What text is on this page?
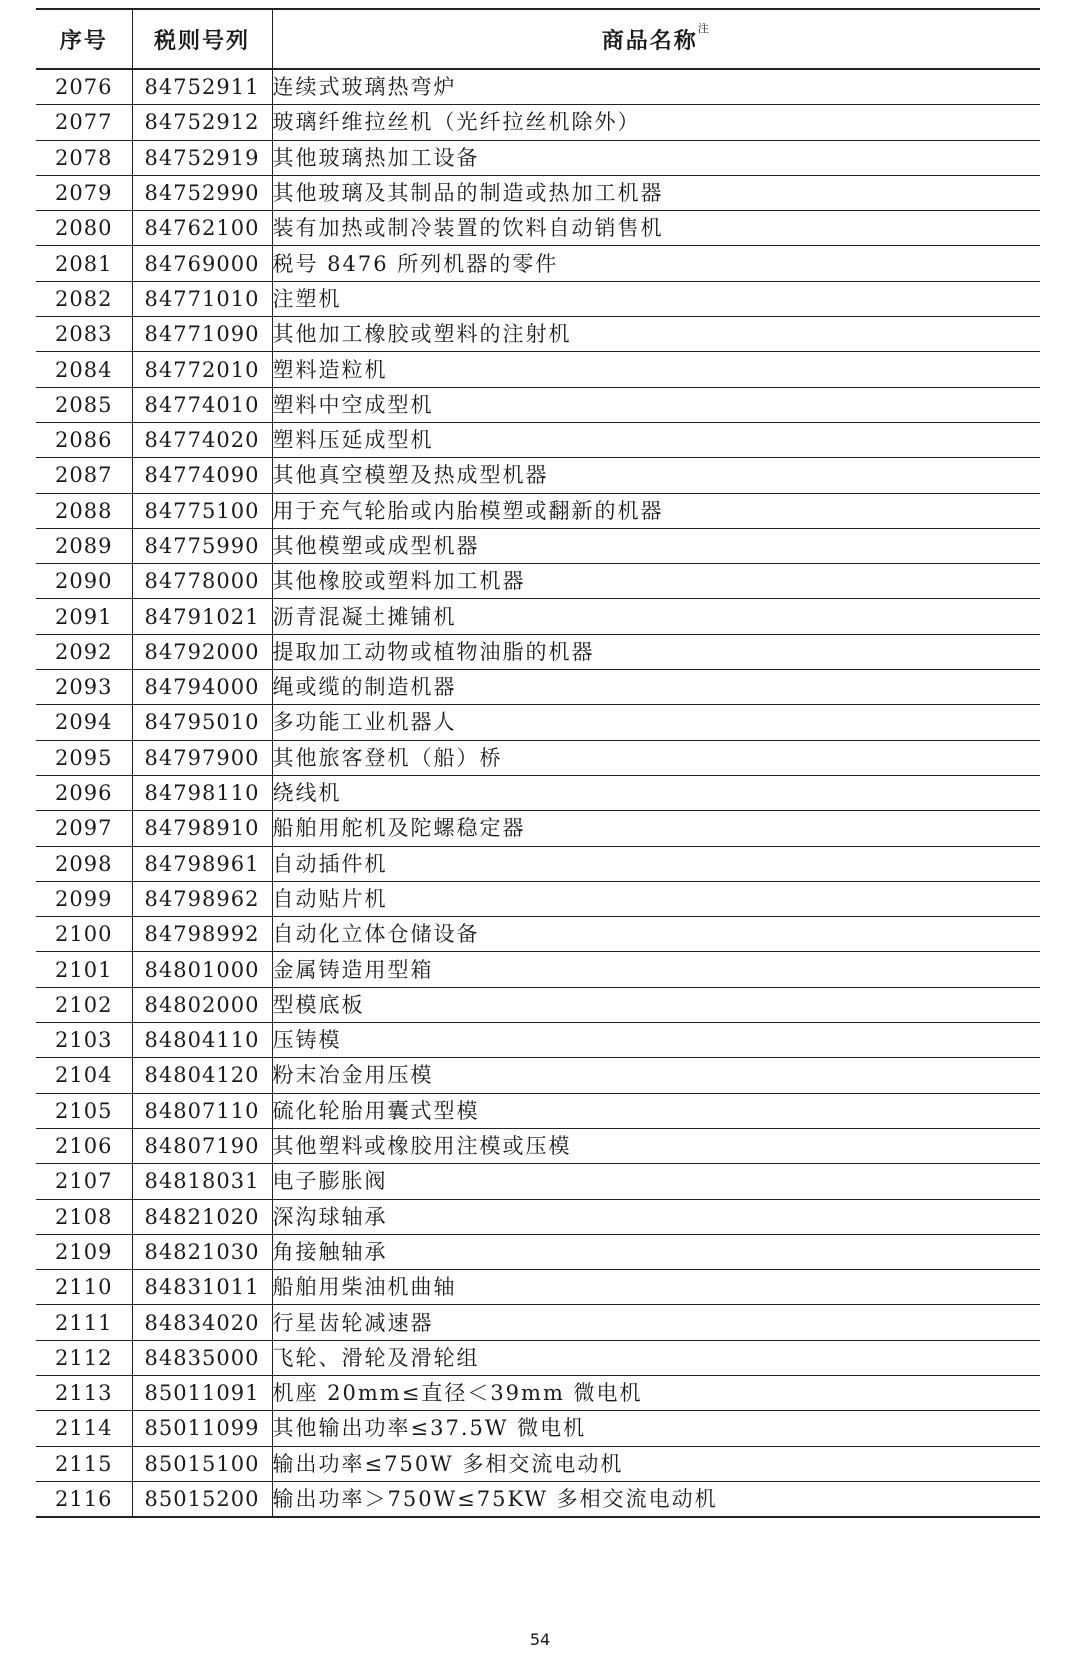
序号	税则号列	商品名称$^注$
2076	84752911	连续式玻璃热弯炉
2077	84752912	玻璃纤维拉丝机（光纤拉丝机除外）
2078	84752919	其他玻璃热加工设备
2079	84752990	其他玻璃及其制品的制造或热加工机器
2080	84762100	装有加热或制冷装置的饮料自动销售机
2081	84769000	税号 8476 所列机器的零件
2082	84771010	注塑机
2083	84771090	其他加工橡胶或塑料的注射机
2084	84772010	塑料造粒机
2085	84774010	塑料中空成型机
2086	84774020	塑料压延成型机
2087	84774090	其他真空模塑及热成型机器
2088	84775100	用于充气轮胎或内胎模塑或翻新的机器
2089	84775990	其他模塑或成型机器
2090	84778000	其他橡胶或塑料加工机器
2091	84791021	沥青混凝土摊铺机
2092	84792000	提取加工动物或植物油脂的机器
2093	84794000	绳或缆的制造机器
2094	84795010	多功能工业机器人
2095	84797900	其他旅客登机（船）桥
2096	84798110	绕线机
2097	84798910	船舶用舵机及陀螺稳定器
2098	84798961	自动插件机
2099	84798962	自动贴片机
2100	84798992	自动化立体仓储设备
2101	84801000	金属铸造用型箱
2102	84802000	型模底板
2103	84804110	压铸模
2104	84804120	粉末冶金用压模
2105	84807110	硫化轮胎用囊式型模
2106	84807190	其他塑料或橡胶用注模或压模
2107	84818031	电子膨胀阀
2108	84821020	深沟球轴承
2109	84821030	角接触轴承
2110	84831011	船舶用柴油机曲轴
2111	84834020	行星齿轮减速器
2112	84835000	飞轮、滑轮及滑轮组
2113	85011091	机座 20mm≤直径＜39mm 微电机
2114	85011099	其他输出功率≤37.5W 微电机
2115	85015100	输出功率≤750W 多相交流电动机
2116	85015200	输出功率＞750W≤75KW 多相交流电动机
54
